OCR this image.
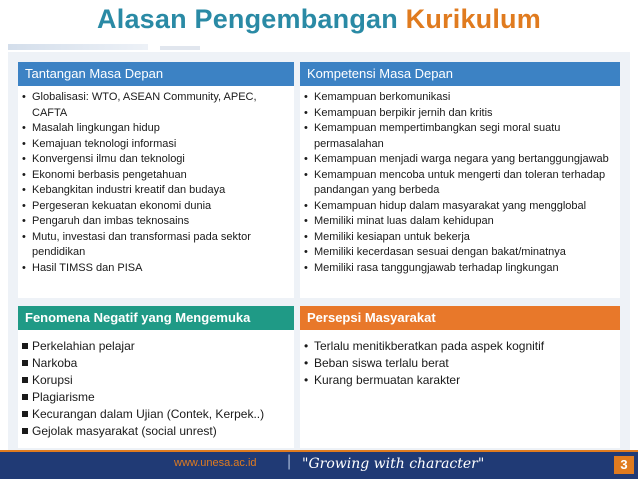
Alasan Pengembangan Kurikulum
Tantangan Masa Depan
• Globalisasi: WTO, ASEAN Community, APEC, CAFTA
• Masalah lingkungan hidup
• Kemajuan teknologi informasi
• Konvergensi ilmu dan teknologi
• Ekonomi berbasis pengetahuan
• Kebangkitan industri kreatif dan budaya
• Pergeseran kekuatan ekonomi dunia
• Pengaruh dan imbas teknosains
• Mutu, investasi dan transformasi pada sektor pendidikan
• Hasil TIMSS dan PISA
Kompetensi Masa Depan
• Kemampuan berkomunikasi
• Kemampuan berpikir jernih dan kritis
• Kemampuan mempertimbangkan segi moral suatu permasalahan
• Kemampuan menjadi warga negara yang bertanggungjawab
• Kemampuan mencoba untuk mengerti dan toleran terhadap pandangan yang berbeda
• Kemampuan hidup dalam masyarakat yang mengglobal
• Memiliki minat luas dalam kehidupan
• Memiliki kesiapan untuk bekerja
• Memiliki kecerdasan sesuai dengan bakat/minatnya
• Memiliki rasa tanggungjawab terhadap lingkungan
Fenomena Negatif yang Mengemuka
Perkelahian pelajar
Narkoba
Korupsi
Plagiarisme
Kecurangan dalam Ujian (Contek, Kerpek..)
Gejolak masyarakat (social unrest)
Persepsi Masyarakat
• Terlalu menitikberatkan pada aspek kognitif
• Beban siswa terlalu berat
• Kurang bermuatan karakter
www.unesa.ac.id | "Growing with character"	3
